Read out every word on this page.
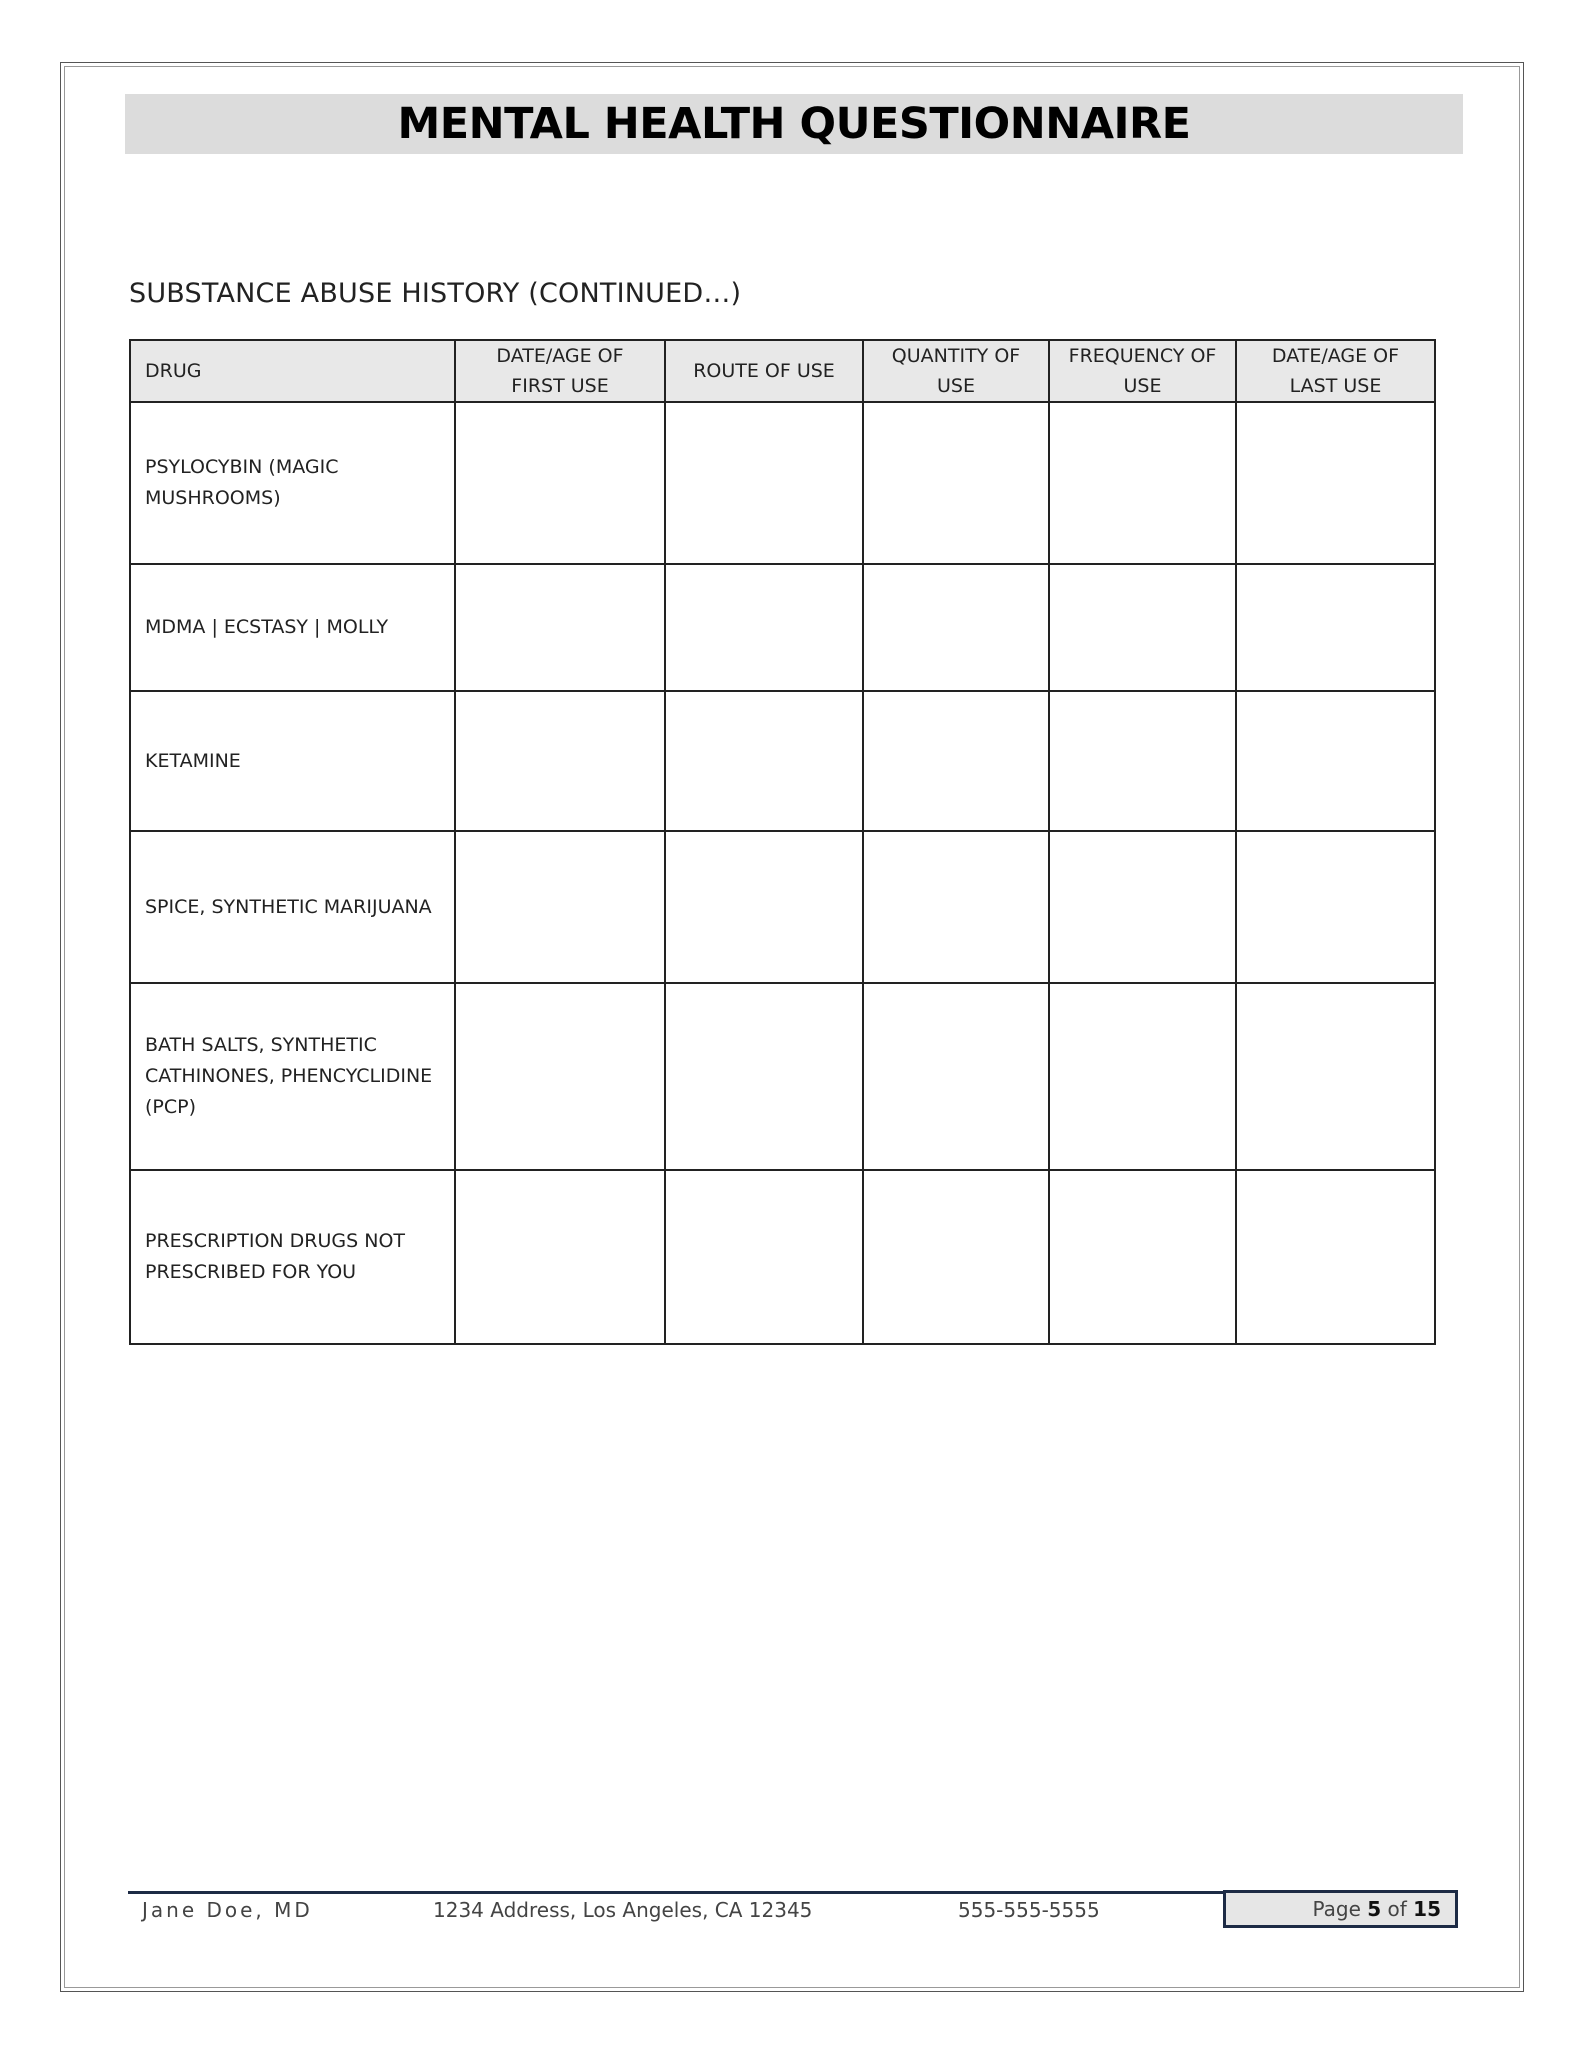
MENTAL HEALTH QUESTIONNAIRE
SUBSTANCE ABUSE HISTORY (CONTINUED…)
DRUG	DATE/AGE OF FIRST USE	ROUTE OF USE	QUANTITY OF USE	FREQUENCY OF USE	DATE/AGE OF LAST USE
PSYLOCYBIN (MAGIC MUSHROOMS)					
MDMA | ECSTASY | MOLLY					
KETAMINE					
SPICE, SYNTHETIC MARIJUANA					
BATH SALTS, SYNTHETIC CATHINONES, PHENCYCLIDINE (PCP)					
PRESCRIPTION DRUGS NOT PRESCRIBED FOR YOU					
Jane Doe, MD	1234 Address, Los Angeles, CA 12345	555-555-5555	Page
5
of
15
